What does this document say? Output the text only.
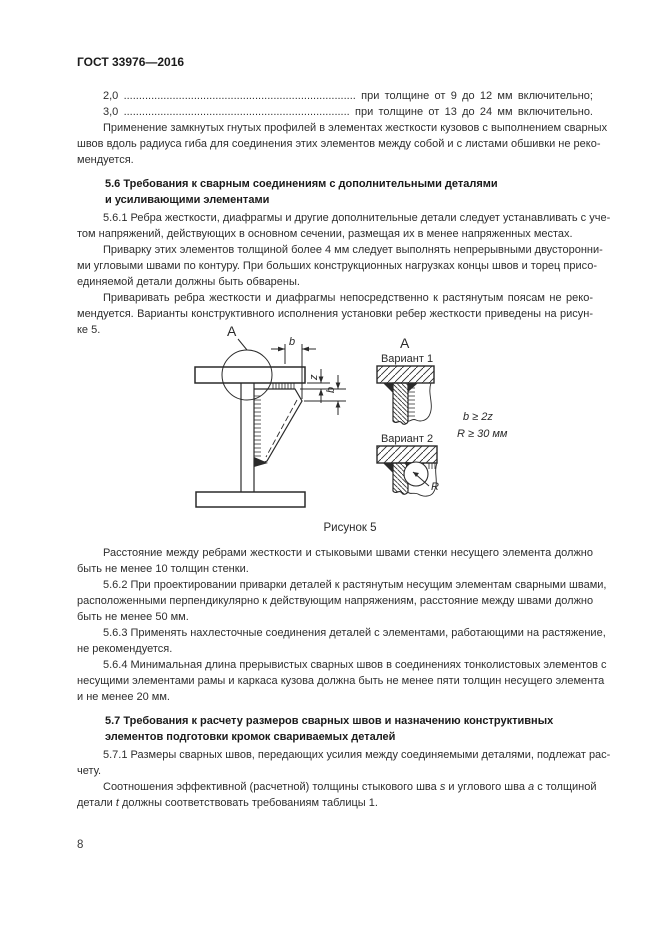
ГОСТ 33976—2016
2,0 ............................................................................ при толщине от 9 до 12 мм включительно;
3,0 .......................................................................... при толщине от 13 до 24 мм включительно.
Применение замкнутых гнутых профилей в элементах жесткости кузовов с выполнением сварных
швов вдоль радиуса гиба для соединения этих элементов между собой и с листами обшивки не реко-
мендуется.
5.6 Требования к сварным соединениям с дополнительными деталями
и усиливающими элементами
5.6.1 Ребра жесткости, диафрагмы и другие дополнительные детали следует устанавливать с уче-
том напряжений, действующих в основном сечении, размещая их в менее напряженных местах.
Приварку этих элементов толщиной более 4 мм следует выполнять непрерывными двусторонни-
ми угловыми швами по контуру. При больших конструкционных нагрузках концы швов и торец присо-
единяемой детали должны быть обварены.
Приваривать ребра жесткости и диафрагмы непосредственно к растянутым поясам не реко-
мендуется. Варианты конструктивного исполнения установки ребер жесткости приведены на рисун-
ке 5.
Расстояние между ребрами жесткости и стыковыми швами стенки несущего элемента должно
быть не менее 10 толщин стенки.
5.6.2 При проектировании приварки деталей к растянутым несущим элементам сварными швами,
расположенными перпендикулярно к действующим напряжениям, расстояние между швами должно
быть не менее 50 мм.
5.6.3 Применять нахлесточные соединения деталей с элементами, работающими на растяжение,
не рекомендуется.
5.6.4 Минимальная длина прерывистых сварных швов в соединениях тонколистовых элементов с
несущими элементами рамы и каркаса кузова должна быть не менее пяти толщин несущего элемента
и не менее 20 мм.
5.7 Требования к расчету размеров сварных швов и назначению конструктивных
элементов подготовки кромок свариваемых деталей
5.7.1 Размеры сварных швов, передающих усилия между соединяемыми деталями, подлежат рас-
чету.
Соотношения эффективной (расчетной) толщины стыкового шва s и углового шва а с толщиной
детали t должны соответствовать требованиям таблицы 1.
А
b
z
b
А
Вариант 1
Вариант 2
R
b ≥ 2z
R ≥ 30 мм
Рисунок 5
8
